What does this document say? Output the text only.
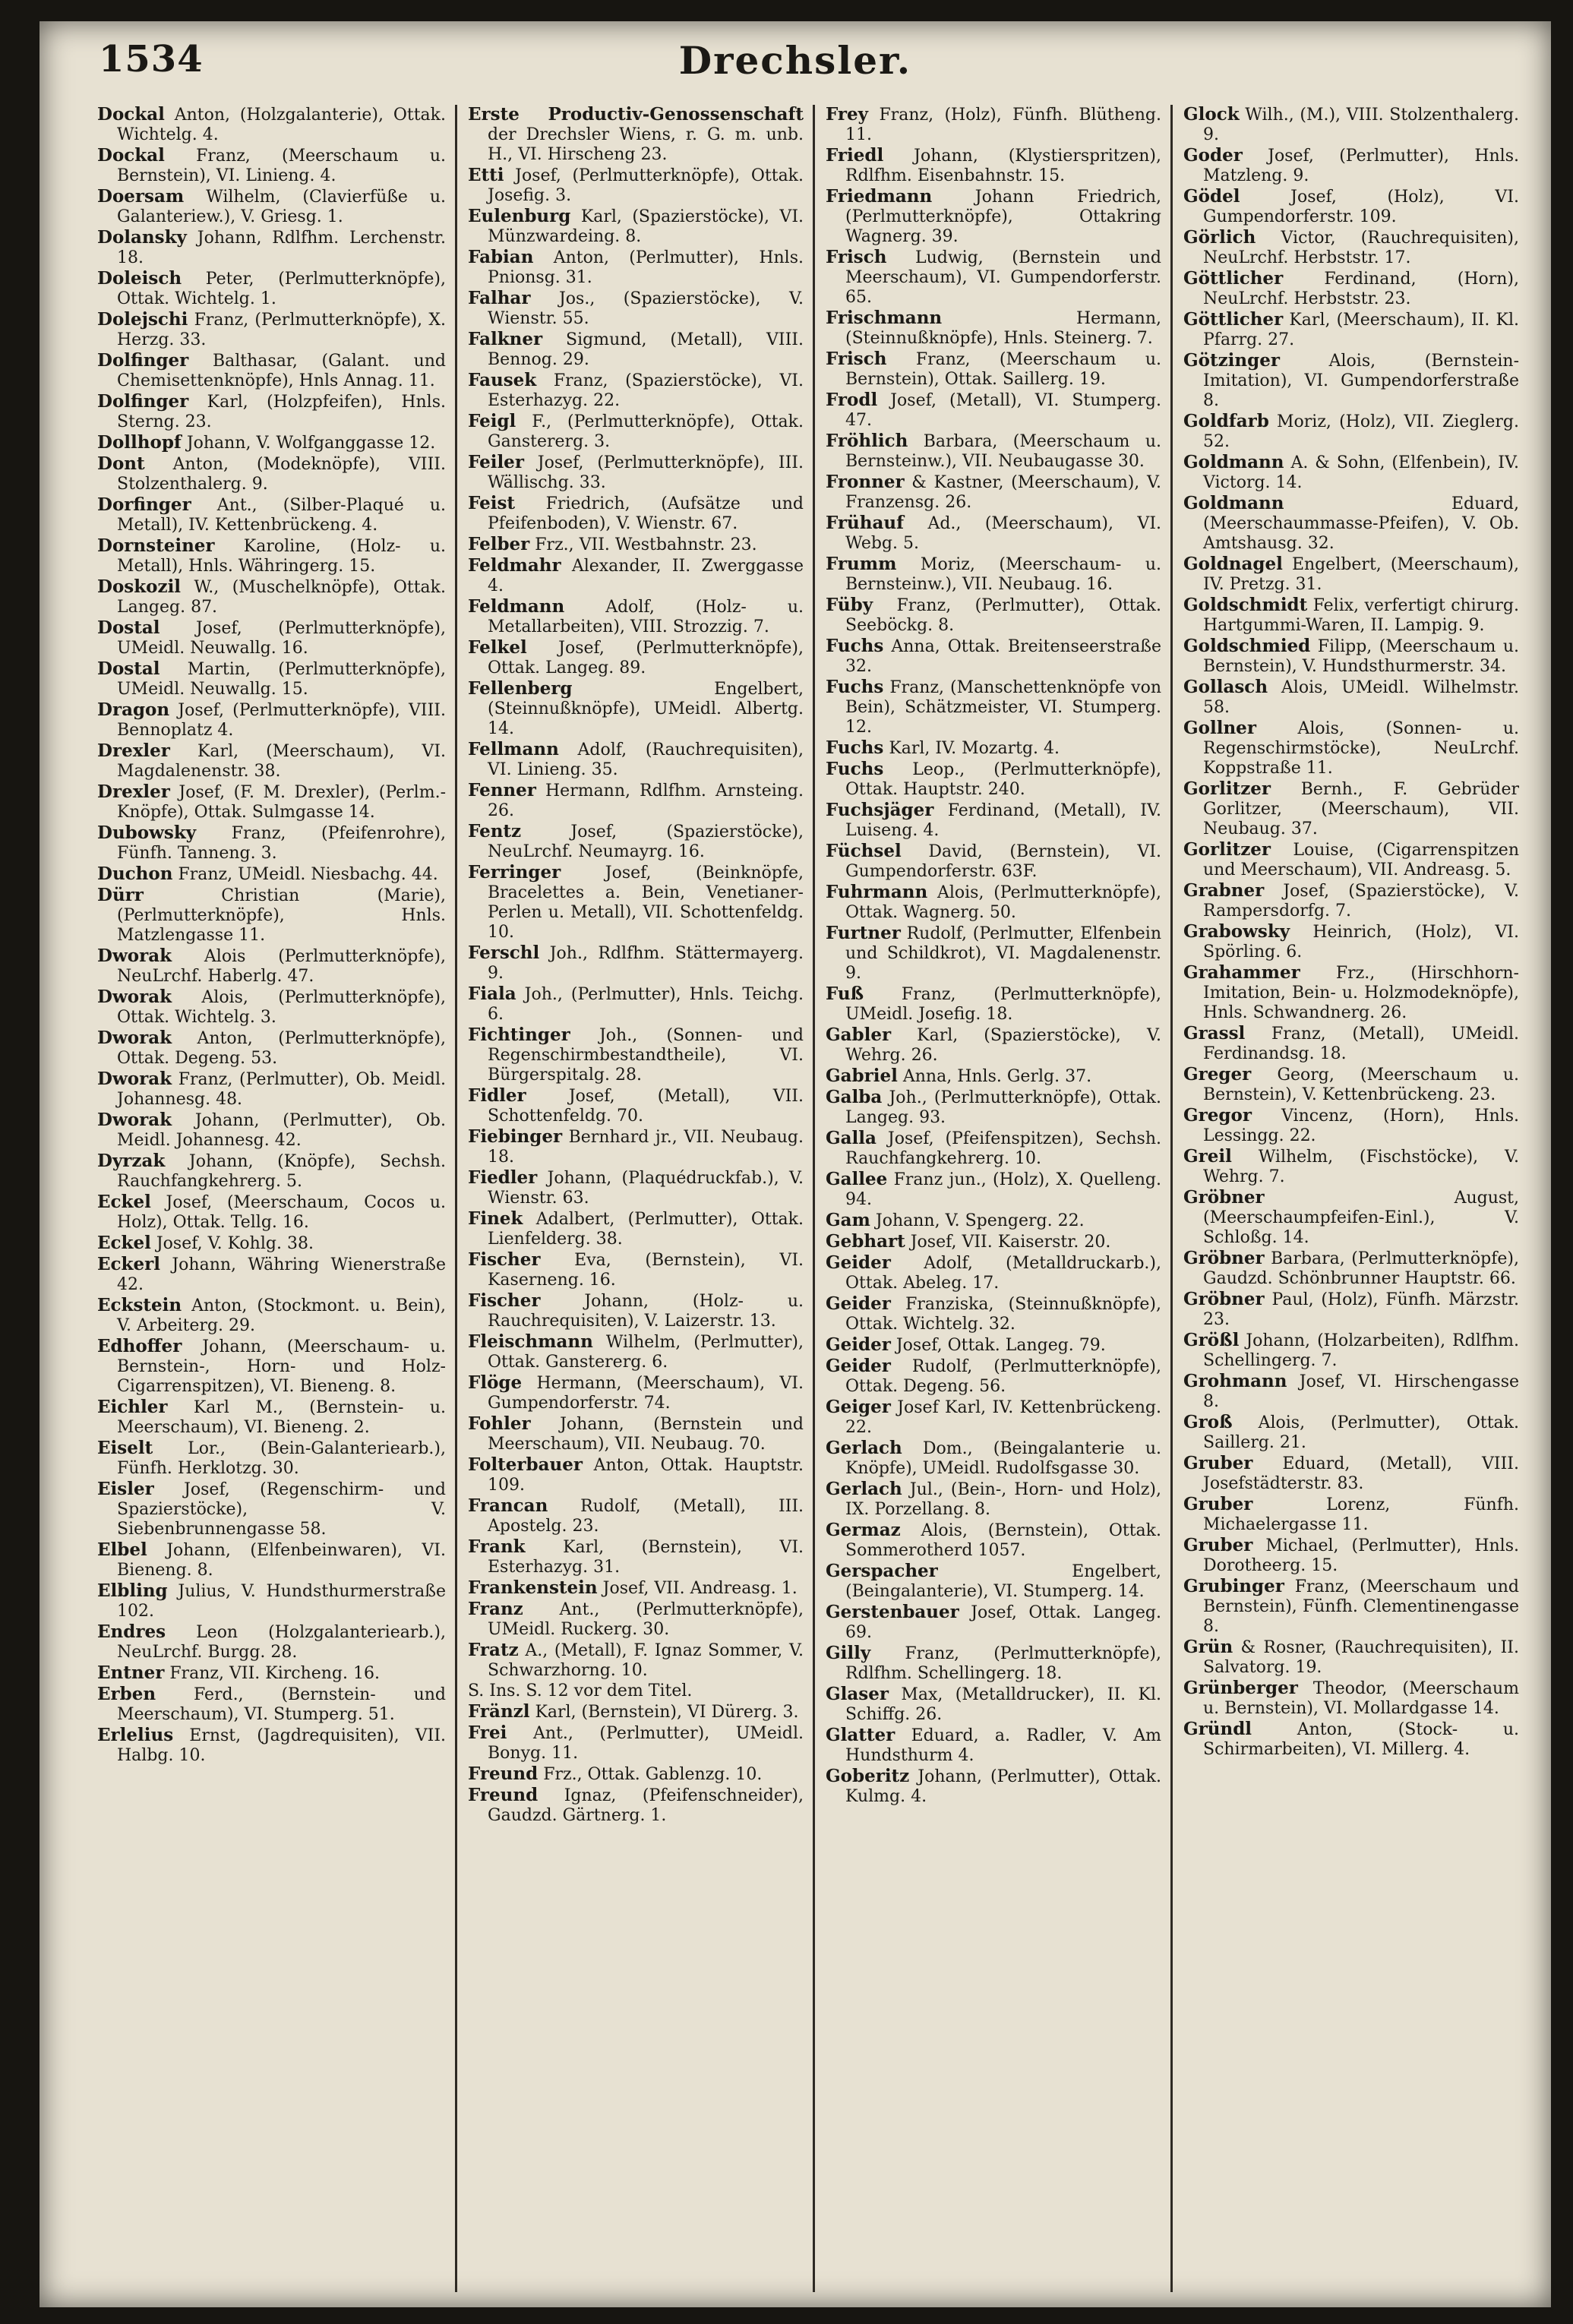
1534	Drechsler.
Dockal Anton, (Holzgalanterie), Ottak. Wichtelg. 4.
Dockal Franz, (Meerschaum u. Bernstein), VI. Linieng. 4.
Doersam Wilhelm, (Clavierfüße u. Galanteriew.), V. Griesg. 1.
Dolansky Johann, Rdlfhm. Lerchenstr. 18.
Doleisch Peter, (Perlmutterknöpfe), Ottak. Wichtelg. 1.
Dolejschi Franz, (Perlmutterknöpfe), X. Herzg. 33.
Dolfinger Balthasar, (Galant. und Chemisettenknöpfe), Hnls Annag. 11.
Dolfinger Karl, (Holzpfeifen), Hnls. Sterng. 23.
Dollhopf Johann, V. Wolfganggasse 12.
Dont Anton, (Modeknöpfe), VIII. Stolzenthalerg. 9.
Dorfinger Ant., (Silber-Plaqué u. Metall), IV. Kettenbrückeng. 4.
Dornsteiner Karoline, (Holz- u. Metall), Hnls. Währingerg. 15.
Doskozil W., (Muschelknöpfe), Ottak. Langeg. 87.
Dostal Josef, (Perlmutterknöpfe), UMeidl. Neuwallg. 16.
Dostal Martin, (Perlmutterknöpfe), UMeidl. Neuwallg. 15.
Dragon Josef, (Perlmutterknöpfe), VIII. Bennoplatz 4.
Drexler Karl, (Meerschaum), VI. Magdalenenstr. 38.
Drexler Josef, (F. M. Drexler), (Perlm.-Knöpfe), Ottak. Sulmgasse 14.
Dubowsky Franz, (Pfeifenrohre), Fünfh. Tanneng. 3.
Duchon Franz, UMeidl. Niesbachg. 44.
Dürr	Christian (Marie), (Perlmutterknöpfe), Hnls. Matzlengasse 11.
Dworak Alois (Perlmutterknöpfe), NeuLrchf. Haberlg. 47.
Dworak Alois, (Perlmutterknöpfe), Ottak. Wichtelg. 3.
Dworak Anton, (Perlmutterknöpfe), Ottak. Degeng. 53.
Dworak Franz, (Perlmutter), Ob. Meidl. Johannesg. 48.
Dworak Johann, (Perlmutter), Ob. Meidl. Johannesg. 42.
Dyrzak Johann, (Knöpfe), Sechsh. Rauchfangkehrerg. 5.
Eckel Josef, (Meerschaum, Cocos u. Holz), Ottak. Tellg. 16.
Eckel Josef, V. Kohlg. 38.
Eckerl Johann, Währing Wienerstraße 42.
Eckstein Anton, (Stockmont. u. Bein), V. Arbeiterg. 29.
Edhoffer Johann, (Meerschaum- u. Bernstein-, Horn- und Holz-Cigarrenspitzen), VI. Bieneng. 8.
Eichler Karl M., (Bernstein- u. Meerschaum), VI. Bieneng. 2.
Eiselt Lor., (Bein-Galanteriearb.), Fünfh. Herklotzg. 30.
Eisler Josef, (Regenschirm- und Spazierstöcke), V. Siebenbrunnengasse 58.
Elbel Johann, (Elfenbeinwaren), VI. Bieneng. 8.
Elbling Julius, V. Hundsthurmerstraße 102.
Endres Leon (Holzgalanteriearb.), NeuLrchf. Burgg. 28.
Entner Franz, VII. Kircheng. 16.
Erben Ferd., (Bernstein- und Meerschaum), VI. Stumperg. 51.
Erlelius Ernst, (Jagdrequisiten), VII. Halbg. 10.
Erste Productiv-Genossenschaft der Drechsler Wiens, r. G. m. unb. H., VI. Hirscheng 23.
Etti Josef, (Perlmutterknöpfe), Ottak. Josefig. 3.
Eulenburg Karl, (Spazierstöcke), VI. Münzwardeing. 8.
Fabian Anton, (Perlmutter), Hnls. Pnionsg. 31.
Falhar Jos., (Spazierstöcke), V. Wienstr. 55.
Falkner Sigmund, (Metall), VIII. Bennog. 29.
Fausek Franz, (Spazierstöcke), VI. Esterhazyg. 22.
Feigl F., (Perlmutterknöpfe), Ottak. Ganstererg. 3.
Feiler Josef, (Perlmutterknöpfe), III. Wällischg. 33.
Feist Friedrich, (Aufsätze und Pfeifenboden), V. Wienstr. 67.
Felber Frz., VII. Westbahnstr. 23.
Feldmahr Alexander, II. Zwerggasse 4.
Feldmann Adolf, (Holz- u. Metallarbeiten), VIII. Strozzig. 7.
Felkel Josef, (Perlmutterknöpfe), Ottak. Langeg. 89.
Fellenberg	Engelbert, (Steinnußknöpfe), UMeidl. Albertg. 14.
Fellmann Adolf, (Rauchrequisiten), VI. Linieng. 35.
Fenner Hermann, Rdlfhm. Arnsteing. 26.
Fentz	Josef, (Spazierstöcke), NeuLrchf. Neumayrg. 16.
Ferringer	Josef, (Beinknöpfe, Bracelettes a. Bein, Venetianer-Perlen u. Metall), VII. Schottenfeldg. 10.
Ferschl Joh., Rdlfhm. Stättermayerg. 9.
Fiala Joh., (Perlmutter), Hnls. Teichg. 6.
Fichtinger Joh., (Sonnen- und Regenschirmbestandtheile), VI. Bürgerspitalg. 28.
Fidler	Josef, (Metall), VII. Schottenfeldg. 70.
Fiebinger Bernhard jr., VII. Neubaug. 18.
Fiedler Johann, (Plaquédruckfab.), V. Wienstr. 63.
Finek Adalbert, (Perlmutter), Ottak. Lienfelderg. 38.
Fischer Eva, (Bernstein), VI. Kaserneng. 16.
Fischer	Johann, (Holz- u. Rauchrequisiten), V. Laizerstr. 13.
Fleischmann Wilhelm, (Perlmutter), Ottak. Ganstererg. 6.
Flöge Hermann, (Meerschaum), VI. Gumpendorferstr. 74.
Fohler Johann, (Bernstein und Meerschaum), VII. Neubaug. 70.
Folterbauer Anton, Ottak. Hauptstr. 109.
Francan Rudolf, (Metall), III. Apostelg. 23.
Frank Karl, (Bernstein), VI. Esterhazyg. 31.
Frankenstein Josef, VII. Andreasg. 1.
Franz Ant., (Perlmutterknöpfe), UMeidl. Ruckerg. 30.
Fratz A., (Metall), F. Ignaz Sommer, V. Schwarzhorng. 10.
S. Ins. S. 12 vor dem Titel.
Fränzl Karl, (Bernstein), VI Dürerg. 3.
Frei Ant., (Perlmutter), UMeidl. Bonyg. 11.
Freund Frz., Ottak. Gablenzg. 10.
Freund Ignaz, (Pfeifenschneider), Gaudzd. Gärtnerg. 1.
Frey Franz, (Holz), Fünfh. Blütheng. 11.
Friedl Johann, (Klystierspritzen), Rdlfhm. Eisenbahnstr. 15.
Friedmann	Johann Friedrich, (Perlmutterknöpfe), Ottakring Wagnerg. 39.
Frisch Ludwig, (Bernstein und Meerschaum), VI. Gumpendorferstr. 65.
Frischmann	Hermann, (Steinnußknöpfe), Hnls. Steinerg. 7.
Frisch Franz, (Meerschaum u. Bernstein), Ottak. Saillerg. 19.
Frodl Josef, (Metall), VI. Stumperg. 47.
Fröhlich Barbara, (Meerschaum u. Bernsteinw.), VII. Neubaugasse 30.
Fronner & Kastner, (Meerschaum), V. Franzensg. 26.
Frühauf Ad., (Meerschaum), VI. Webg. 5.
Frumm Moriz, (Meerschaum- u. Bernsteinw.), VII. Neubaug. 16.
Füby Franz, (Perlmutter), Ottak. Seeböckg. 8.
Fuchs Anna, Ottak. Breitenseerstraße 32.
Fuchs Franz, (Manschettenknöpfe von Bein), Schätzmeister, VI. Stumperg. 12.
Fuchs Karl, IV. Mozartg. 4.
Fuchs Leop., (Perlmutterknöpfe), Ottak. Hauptstr. 240.
Fuchsjäger Ferdinand, (Metall), IV. Luiseng. 4.
Füchsel David, (Bernstein), VI. Gumpendorferstr. 63F.
Fuhrmann Alois, (Perlmutterknöpfe), Ottak. Wagnerg. 50.
Furtner Rudolf, (Perlmutter, Elfenbein und Schildkrot), VI. Magdalenenstr. 9.
Fuß Franz, (Perlmutterknöpfe), UMeidl. Josefig. 18.
Gabler Karl, (Spazierstöcke), V. Wehrg. 26.
Gabriel Anna, Hnls. Gerlg. 37.
Galba Joh., (Perlmutterknöpfe), Ottak. Langeg. 93.
Galla Josef, (Pfeifenspitzen), Sechsh. Rauchfangkehrerg. 10.
Gallee Franz jun., (Holz), X. Quelleng. 94.
Gam Johann, V. Spengerg. 22.
Gebhart Josef, VII. Kaiserstr. 20.
Geider Adolf, (Metalldruckarb.), Ottak. Abeleg. 17.
Geider Franziska, (Steinnußknöpfe), Ottak. Wichtelg. 32.
Geider Josef, Ottak. Langeg. 79.
Geider Rudolf, (Perlmutterknöpfe), Ottak. Degeng. 56.
Geiger Josef Karl, IV. Kettenbrückeng. 22.
Gerlach Dom., (Beingalanterie u. Knöpfe), UMeidl. Rudolfsgasse 30.
Gerlach Jul., (Bein-, Horn- und Holz), IX. Porzellang. 8.
Germaz Alois, (Bernstein), Ottak. Sommerotherd 1057.
Gerspacher	Engelbert, (Beingalanterie), VI. Stumperg. 14.
Gerstenbauer Josef, Ottak. Langeg. 69.
Gilly Franz, (Perlmutterknöpfe), Rdlfhm. Schellingerg. 18.
Glaser Max, (Metalldrucker), II. Kl. Schiffg. 26.
Glatter Eduard, a. Radler, V. Am Hundsthurm 4.
Goberitz Johann, (Perlmutter), Ottak. Kulmg. 4.
Glock Wilh., (M.), VIII. Stolzenthalerg. 9.
Goder Josef, (Perlmutter), Hnls. Matzleng. 9.
Gödel	Josef, (Holz), VI. Gumpendorferstr. 109.
Görlich Victor, (Rauchrequisiten), NeuLrchf. Herbststr. 17.
Göttlicher Ferdinand, (Horn), NeuLrchf. Herbststr. 23.
Göttlicher Karl, (Meerschaum), II. Kl. Pfarrg. 27.
Götzinger	Alois, (Bernstein-Imitation), VI. Gumpendorferstraße 8.
Goldfarb Moriz, (Holz), VII. Zieglerg. 52.
Goldmann A. & Sohn, (Elfenbein), IV. Victorg. 14.
Goldmann	Eduard, (Meerschaummasse-Pfeifen), V. Ob. Amtshausg. 32.
Goldnagel Engelbert, (Meerschaum), IV. Pretzg. 31.
Goldschmidt Felix, verfertigt chirurg. Hartgummi-Waren, II. Lampig. 9.
Goldschmied Filipp, (Meerschaum u. Bernstein), V. Hundsthurmerstr. 34.
Gollasch Alois, UMeidl. Wilhelmstr. 58.
Gollner Alois, (Sonnen- u. Regenschirmstöcke), NeuLrchf. Koppstraße 11.
Gorlitzer Bernh., F. Gebrüder Gorlitzer, (Meerschaum), VII. Neubaug. 37.
Gorlitzer Louise, (Cigarrenspitzen und Meerschaum), VII. Andreasg. 5.
Grabner Josef, (Spazierstöcke), V. Rampersdorfg. 7.
Grabowsky Heinrich, (Holz), VI. Spörling. 6.
Grahammer Frz., (Hirschhorn-Imitation, Bein- u. Holzmodeknöpfe), Hnls. Schwandnerg. 26.
Grassl Franz, (Metall), UMeidl. Ferdinandsg. 18.
Greger Georg, (Meerschaum u. Bernstein), V. Kettenbrückeng. 23.
Gregor Vincenz, (Horn), Hnls. Lessingg. 22.
Greil Wilhelm, (Fischstöcke), V. Wehrg. 7.
Gröbner	August, (Meerschaumpfeifen-Einl.), V. Schloßg. 14.
Gröbner Barbara, (Perlmutterknöpfe), Gaudzd. Schönbrunner Hauptstr. 66.
Gröbner Paul, (Holz), Fünfh. Märzstr. 23.
Größl Johann, (Holzarbeiten), Rdlfhm. Schellingerg. 7.
Grohmann Josef, VI. Hirschengasse 8.
Groß Alois, (Perlmutter), Ottak. Saillerg. 21.
Gruber Eduard, (Metall), VIII. Josefstädterstr. 83.
Gruber	Lorenz, Fünfh. Michaelergasse 11.
Gruber Michael, (Perlmutter), Hnls. Dorotheerg. 15.
Grubinger Franz, (Meerschaum und Bernstein), Fünfh. Clementinengasse 8.
Grün & Rosner, (Rauchrequisiten), II. Salvatorg. 19.
Grünberger Theodor, (Meerschaum u. Bernstein), VI. Mollardgasse 14.
Gründl	Anton, (Stock- u. Schirmarbeiten), VI. Millerg. 4.
